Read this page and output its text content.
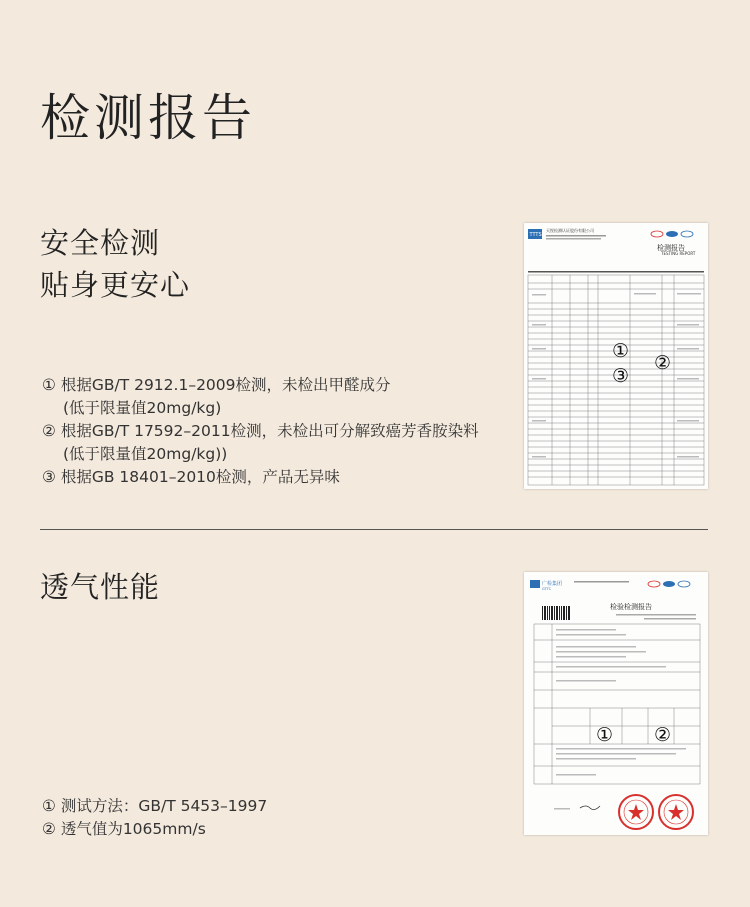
检测报告
安全检测
贴身更安心
① 根据GB/T 2912.1–2009检测，未检出甲醛成分
(低于限量值20mg/kg)
② 根据GB/T 17592–2011检测，未检出可分解致癌芳香胺染料
(低于限量值20mg/kg))
③ 根据GB 18401–2010检测，产品无异味
TTTS
天悦检测认证股份有限公司
检测报告
TESTING REPORT
①
②
③
透气性能
① 测试方法：GB/T 5453–1997
② 透气值为1065mm/s
广检集团
GTTC
检验检测报告
① ②
